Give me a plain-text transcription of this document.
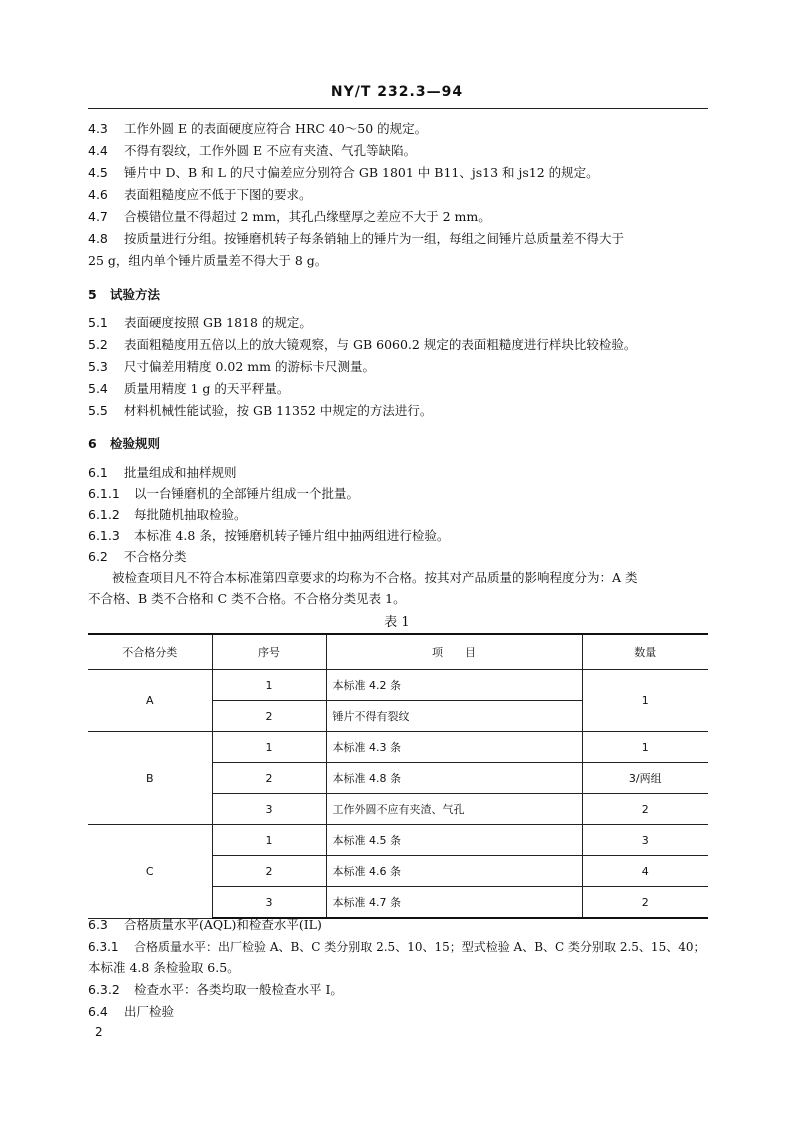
NY/T 232.3—94
4.3 工作外圆 E 的表面硬度应符合 HRC 40～50 的规定。
4.4 不得有裂纹，工作外圆 E 不应有夹渣、气孔等缺陷。
4.5 锤片中 D、B 和 L 的尺寸偏差应分别符合 GB 1801 中 B11、js13 和 js12 的规定。
4.6 表面粗糙度应不低于下图的要求。
4.7 合模错位量不得超过 2 mm，其孔凸缘壁厚之差应不大于 2 mm。
4.8 按质量进行分组。按锤磨机转子每条销轴上的锤片为一组，每组之间锤片总质量差不得大于
25 g，组内单个锤片质量差不得大于 8 g。
5 试验方法
5.1 表面硬度按照 GB 1818 的规定。
5.2 表面粗糙度用五倍以上的放大镜观察，与 GB 6060.2 规定的表面粗糙度进行样块比较检验。
5.3 尺寸偏差用精度 0.02 mm 的游标卡尺测量。
5.4 质量用精度 1 g 的天平秤量。
5.5 材料机械性能试验，按 GB 11352 中规定的方法进行。
6 检验规则
6.1 批量组成和抽样规则
6.1.1 以一台锤磨机的全部锤片组成一个批量。
6.1.2 每批随机抽取检验。
6.1.3 本标准 4.8 条，按锤磨机转子锤片组中抽两组进行检验。
6.2 不合格分类
被检查项目凡不符合本标准第四章要求的均称为不合格。按其对产品质量的影响程度分为：A 类
不合格、B 类不合格和 C 类不合格。不合格分类见表 1。
表 1
不合格分类	序号	项　　目	数量
A	1	本标准 4.2 条	1
	2	锤片不得有裂纹	
B	1	本标准 4.3 条	1
	2	本标准 4.8 条	3/两组
	3	工作外圆不应有夹渣、气孔	2
C	1	本标准 4.5 条	3
	2	本标准 4.6 条	4
	3	本标准 4.7 条	2
6.3 合格质量水平(AQL)和检查水平(IL)
6.3.1 合格质量水平：出厂检验 A、B、C 类分别取 2.5、10、15；型式检验 A、B、C 类分别取 2.5、15、40；
本标准 4.8 条检验取 6.5。
6.3.2 检查水平：各类均取一般检查水平 Ⅰ。
6.4 出厂检验
2
